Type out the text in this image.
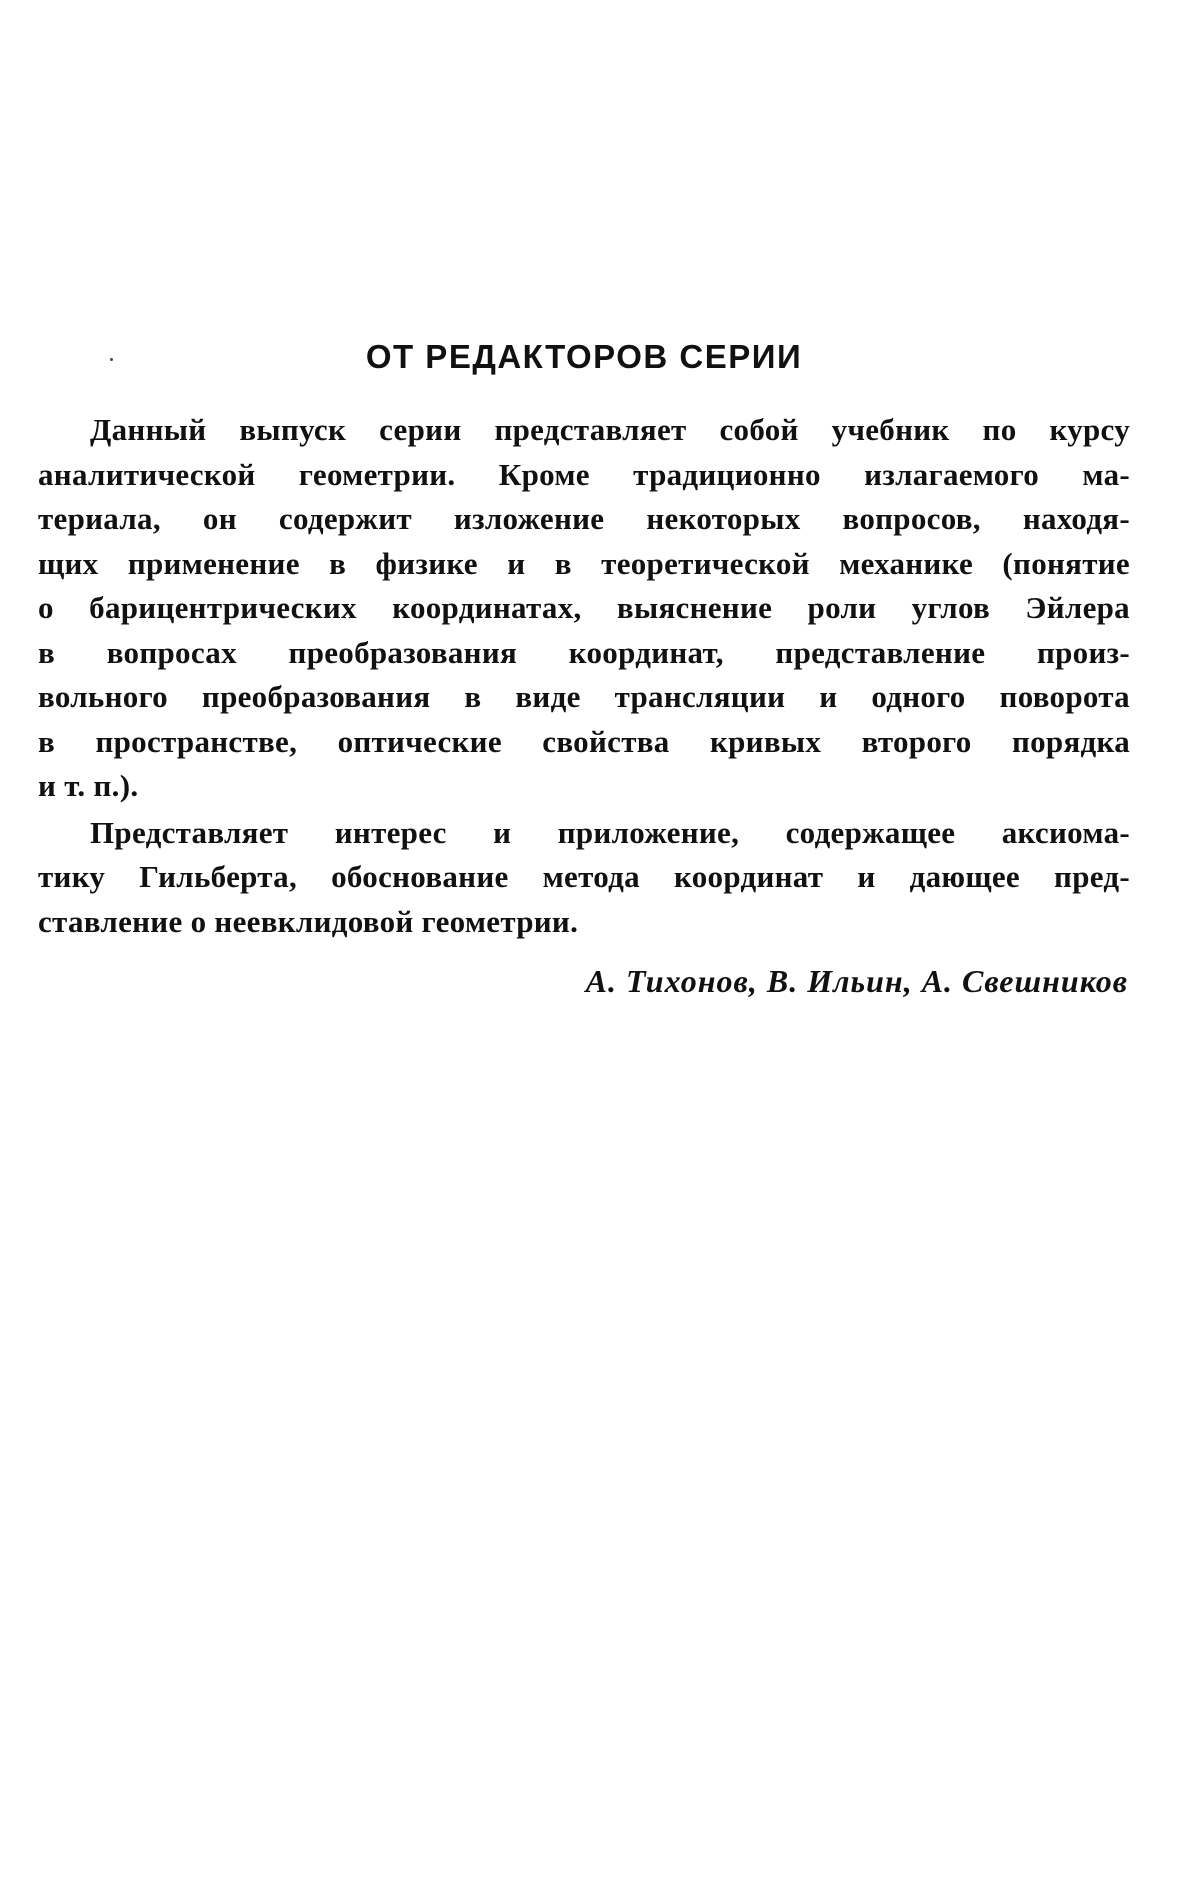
ОТ РЕДАКТОРОВ СЕРИИ
Данный выпуск серии представляет собой учебник по курсу
аналитической геометрии. Кроме традиционно излагаемого ма-
териала, он содержит изложение некоторых вопросов, находя-
щих применение в физике и в теоретической механике (понятие
о барицентрических координатах, выяснение роли углов Эйлера
в вопросах преобразования координат, представление произ-
вольного преобразования в виде трансляции и одного поворота
в пространстве, оптические свойства кривых второго порядка
и т. п.).
Представляет интерес и приложение, содержащее аксиома-
тику Гильберта, обоснование метода координат и дающее пред-
ставление о неевклидовой геометрии.
А. Тихонов, В. Ильин, А. Свешников
